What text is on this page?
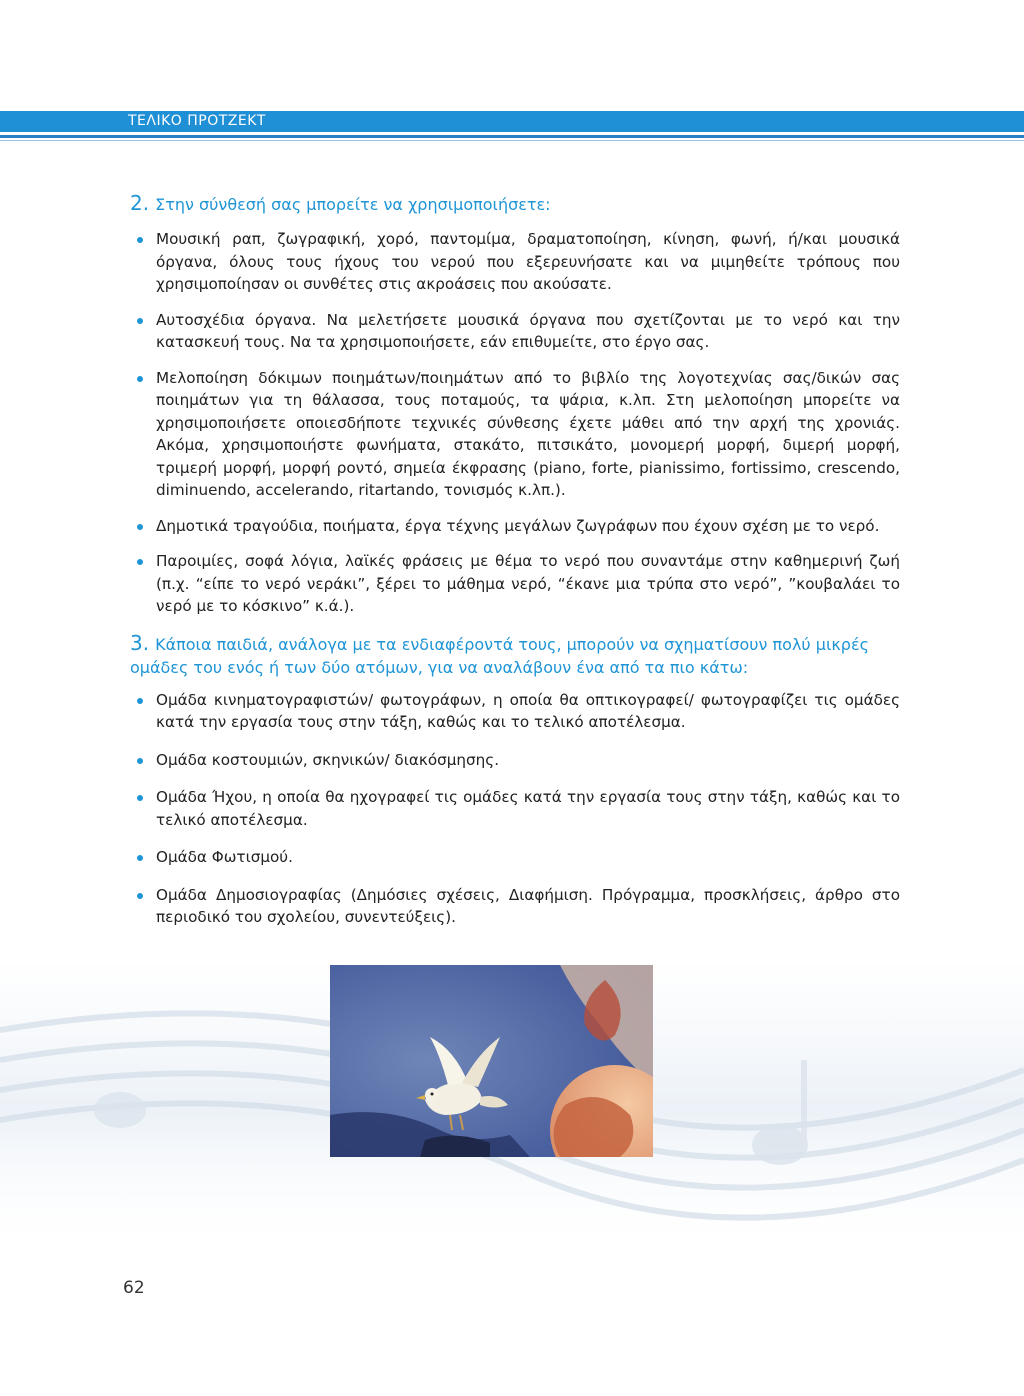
ΤΕΛΙΚΟ ΠΡΟΤΖΕΚΤ
2. Στην σύνθεσή σας μπορείτε να χρησιμοποιήσετε:
Μουσική ραπ, ζωγραφική, χορό, παντομίμα, δραματοποίηση, κίνηση, φωνή, ή/και μουσικά όργανα, όλους τους ήχους του νερού που εξερευνήσατε και να μιμηθείτε τρόπους που χρησιμοποίησαν οι συνθέτες στις ακροάσεις που ακούσατε.
Αυτοσχέδια όργανα. Να μελετήσετε μουσικά όργανα που σχετίζονται με το νερό και την κατασκευή τους. Να τα χρησιμοποιήσετε, εάν επιθυμείτε, στο έργο σας.
Μελοποίηση δόκιμων ποιημάτων/ποιημάτων από το βιβλίο της λογοτεχνίας σας/δικών σας ποιημάτων για τη θάλασσα, τους ποταμούς, τα ψάρια, κ.λπ. Στη μελοποίηση μπορείτε να χρησιμοποιήσετε οποιεσδήποτε τεχνικές σύνθεσης έχετε μάθει από την αρχή της χρονιάς. Ακόμα, χρησιμοποιήστε φωνήματα, στακάτο, πιτσικάτο, μονομερή μορφή, διμερή μορφή, τριμερή μορφή, μορφή ροντό, σημεία έκφρασης (piano, forte, pianissimo, fortissimo, crescendo, diminuendo, accelerando, ritartando, τονισμός κ.λπ.).
Δημοτικά τραγούδια, ποιήματα, έργα τέχνης μεγάλων ζωγράφων που έχουν σχέση με το νερό.
Παροιμίες, σοφά λόγια, λαϊκές φράσεις με θέμα το νερό που συναντάμε στην καθημερινή ζωή (π.χ. “είπε το νερό νεράκι”, ξέρει το μάθημα νερό, “έκανε μια τρύπα στο νερό”, ”κουβαλάει το νερό με το κόσκινο” κ.ά.).
3. Κάποια παιδιά, ανάλογα με τα ενδιαφέροντά τους, μπορούν να σχηματίσουν πολύ μικρές ομάδες του ενός ή των δύο ατόμων, για να αναλάβουν ένα από τα πιο κάτω:
Ομάδα κινηματογραφιστών/ φωτογράφων, η οποία θα οπτικογραφεί/ φωτογραφίζει τις ομάδες κατά την εργασία τους στην τάξη, καθώς και το τελικό αποτέλεσμα.
Ομάδα κοστουμιών, σκηνικών/ διακόσμησης.
Ομάδα Ήχου, η οποία θα ηχογραφεί τις ομάδες κατά την εργασία τους στην τάξη, καθώς και το τελικό αποτέλεσμα.
Ομάδα Φωτισμού.
Ομάδα Δημοσιογραφίας (Δημόσιες σχέσεις, Διαφήμιση. Πρόγραμμα, προσκλήσεις, άρθρο στο περιοδικό του σχολείου, συνεντεύξεις).
62
